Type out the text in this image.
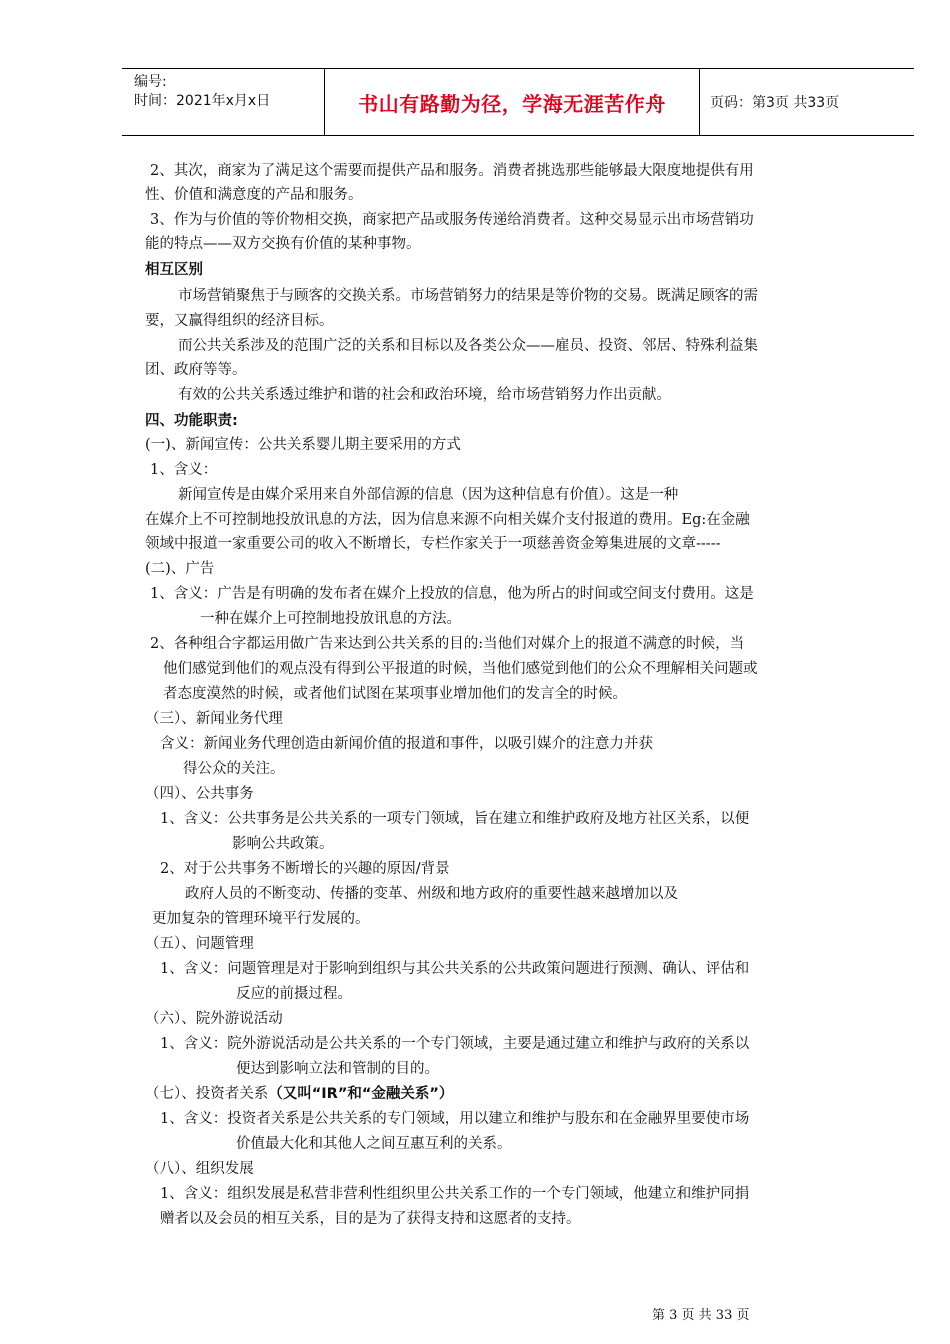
编号:
时间：2021年x月x日	书山有路勤为径，学海无涯苦作舟	页码：第3页 共33页
2、其次，商家为了满足这个需要而提供产品和服务。消费者挑选那些能够最大限度地提供有用
性、价值和满意度的产品和服务。
3、作为与价值的等价物相交换，商家把产品或服务传递给消费者。这种交易显示出市场营销功
能的特点——双方交换有价值的某种事物。
相互区别
市场营销聚焦于与顾客的交换关系。市场营销努力的结果是等价物的交易。既满足顾客的需
要，又赢得组织的经济目标。
而公共关系涉及的范围广泛的关系和目标以及各类公众——雇员、投资、邻居、特殊利益集
团、政府等等。
有效的公共关系透过维护和谐的社会和政治环境，给市场营销努力作出贡献。
四、功能职责:
(一)、新闻宣传：公共关系婴儿期主要采用的方式
1、含义：
新闻宣传是由媒介采用来自外部信源的信息（因为这种信息有价值）。这是一种
在媒介上不可控制地投放讯息的方法，因为信息来源不向相关媒介支付报道的费用。Eg:在金融
领域中报道一家重要公司的收入不断增长，专栏作家关于一项慈善资金筹集进展的文章-----
(二)、广告
1、含义：广告是有明确的发布者在媒介上投放的信息，他为所占的时间或空间支付费用。这是
一种在媒介上可控制地投放讯息的方法。
2、各种组合字都运用做广告来达到公共关系的目的:当他们对媒介上的报道不满意的时候，当
他们感觉到他们的观点没有得到公平报道的时候，当他们感觉到他们的公众不理解相关问题或
者态度漠然的时候，或者他们试图在某项事业增加他们的发言全的时候。
（三）、新闻业务代理
含义：新闻业务代理创造由新闻价值的报道和事件，以吸引媒介的注意力并获
得公众的关注。
（四）、公共事务
1、含义：公共事务是公共关系的一项专门领域，旨在建立和维护政府及地方社区关系，以便
影响公共政策。
2、对于公共事务不断增长的兴趣的原因/背景
政府人员的不断变动、传播的变革、州级和地方政府的重要性越来越增加以及
更加复杂的管理环境平行发展的。
（五）、问题管理
1、含义：问题管理是对于影响到组织与其公共关系的公共政策问题进行预测、确认、评估和
反应的前摄过程。
（六）、院外游说活动
1、含义：院外游说活动是公共关系的一个专门领域，主要是通过建立和维护与政府的关系以
便达到影响立法和管制的目的。
（七）、投资者关系（又叫“IR”和“金融关系”）
1、含义：投资者关系是公共关系的专门领域，用以建立和维护与股东和在金融界里要使市场
价值最大化和其他人之间互惠互利的关系。
（八）、组织发展
1、含义：组织发展是私营非营利性组织里公共关系工作的一个专门领域，他建立和维护同捐
赠者以及会员的相互关系，目的是为了获得支持和这愿者的支持。
第 3 页 共 33 页
